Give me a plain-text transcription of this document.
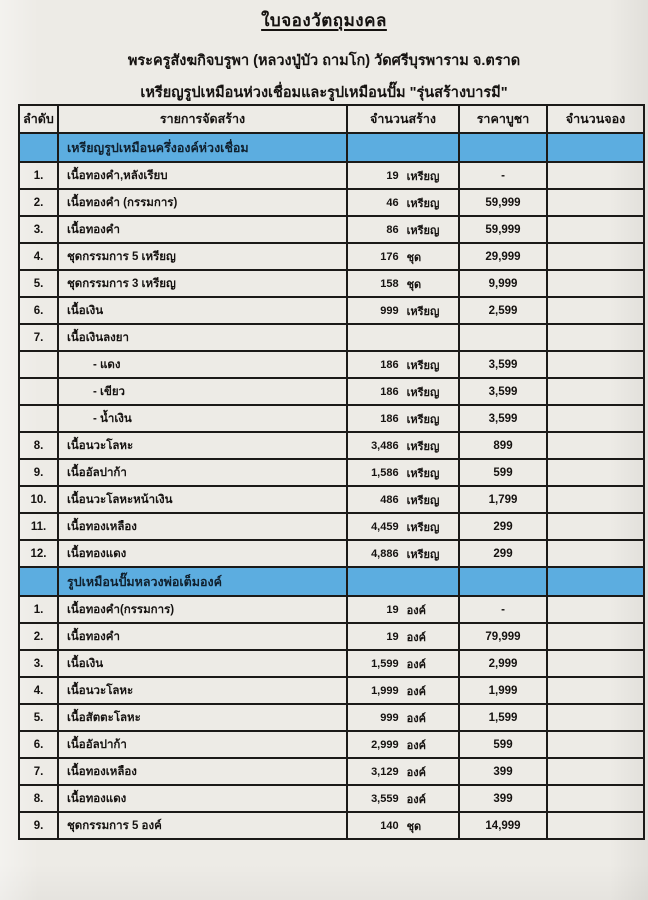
ใบจองวัตถุมงคล
พระครูสังฆกิจบรูพา (หลวงปู่บัว ถามโก) วัดศรีบุรพาราม จ.ตราด
เหรียญรูปเหมือนห่วงเชื่อมและรูปเหมือนปั๊ม "รุ่นสร้างบารมี"
ลำดับ	รายการจัดสร้าง	จำนวนสร้าง	ราคาบูชา	จำนวนจอง
	เหรียญรูปเหมือนครึ่งองค์ห่วงเชื่อม			
1.	เนื้อทองคำ,หลังเรียบ	19 เหรียญ	-	
2.	เนื้อทองคำ (กรรมการ)	46 เหรียญ	59,999	
3.	เนื้อทองคำ	86 เหรียญ	59,999	
4.	ชุดกรรมการ 5 เหรียญ	176 ชุด	29,999	
5.	ชุดกรรมการ 3 เหรียญ	158 ชุด	9,999	
6.	เนื้อเงิน	999 เหรียญ	2,599	
7.	เนื้อเงินลงยา			
	- แดง	186 เหรียญ	3,599	
	- เขียว	186 เหรียญ	3,599	
	- น้ำเงิน	186 เหรียญ	3,599	
8.	เนื้อนวะโลหะ	3,486 เหรียญ	899	
9.	เนื้ออัลปาก้า	1,586 เหรียญ	599	
10.	เนื้อนวะโลหะหน้าเงิน	486 เหรียญ	1,799	
11.	เนื้อทองเหลือง	4,459 เหรียญ	299	
12.	เนื้อทองแดง	4,886 เหรียญ	299	
	รูปเหมือนปั๊มหลวงพ่อเต็มองค์			
1.	เนื้อทองคำ(กรรมการ)	19 องค์	-	
2.	เนื้อทองคำ	19 องค์	79,999	
3.	เนื้อเงิน	1,599 องค์	2,999	
4.	เนื้อนวะโลหะ	1,999 องค์	1,999	
5.	เนื้อสัตตะโลหะ	999 องค์	1,599	
6.	เนื้ออัลปาก้า	2,999 องค์	599	
7.	เนื้อทองเหลือง	3,129 องค์	399	
8.	เนื้อทองแดง	3,559 องค์	399	
9.	ชุดกรรมการ 5 องค์	140 ชุด	14,999	
